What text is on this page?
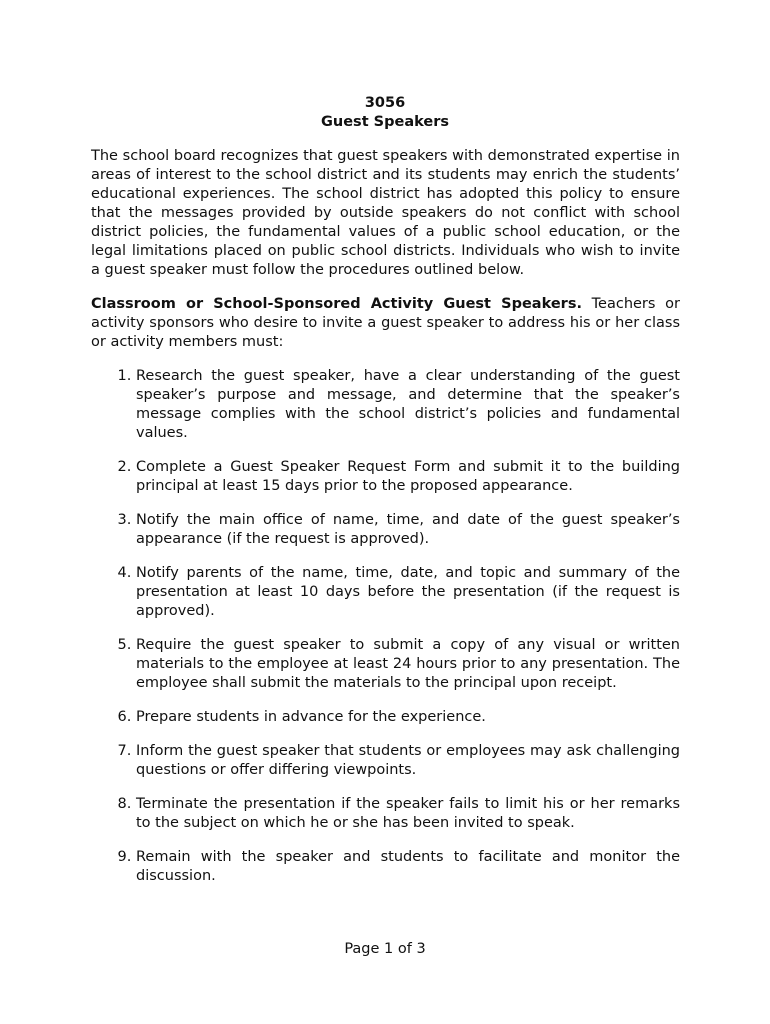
3056
Guest Speakers

The school board recognizes that guest speakers with demonstrated expertise in areas of interest to the school district and its students may enrich the students’ educational experiences. The school district has adopted this policy to ensure that the messages provided by outside speakers do not conflict with school district policies, the fundamental values of a public school education, or the legal limitations placed on public school districts. Individuals who wish to invite a guest speaker must follow the procedures outlined below.

Classroom or School-Sponsored Activity Guest Speakers. Teachers or activity sponsors who desire to invite a guest speaker to address his or her class or activity members must:

1. Research the guest speaker, have a clear understanding of the guest speaker’s purpose and message, and determine that the speaker’s message complies with the school district’s policies and fundamental values.
2. Complete a Guest Speaker Request Form and submit it to the building principal at least 15 days prior to the proposed appearance.
3. Notify the main office of name, time, and date of the guest speaker’s appearance (if the request is approved).
4. Notify parents of the name, time, date, and topic and summary of the presentation at least 10 days before the presentation (if the request is approved).
5. Require the guest speaker to submit a copy of any visual or written materials to the employee at least 24 hours prior to any presentation. The employee shall submit the materials to the principal upon receipt.
6. Prepare students in advance for the experience.
7. Inform the guest speaker that students or employees may ask challenging questions or offer differing viewpoints.
8. Terminate the presentation if the speaker fails to limit his or her remarks to the subject on which he or she has been invited to speak.
9. Remain with the speaker and students to facilitate and monitor the discussion.
Page 1 of 3
